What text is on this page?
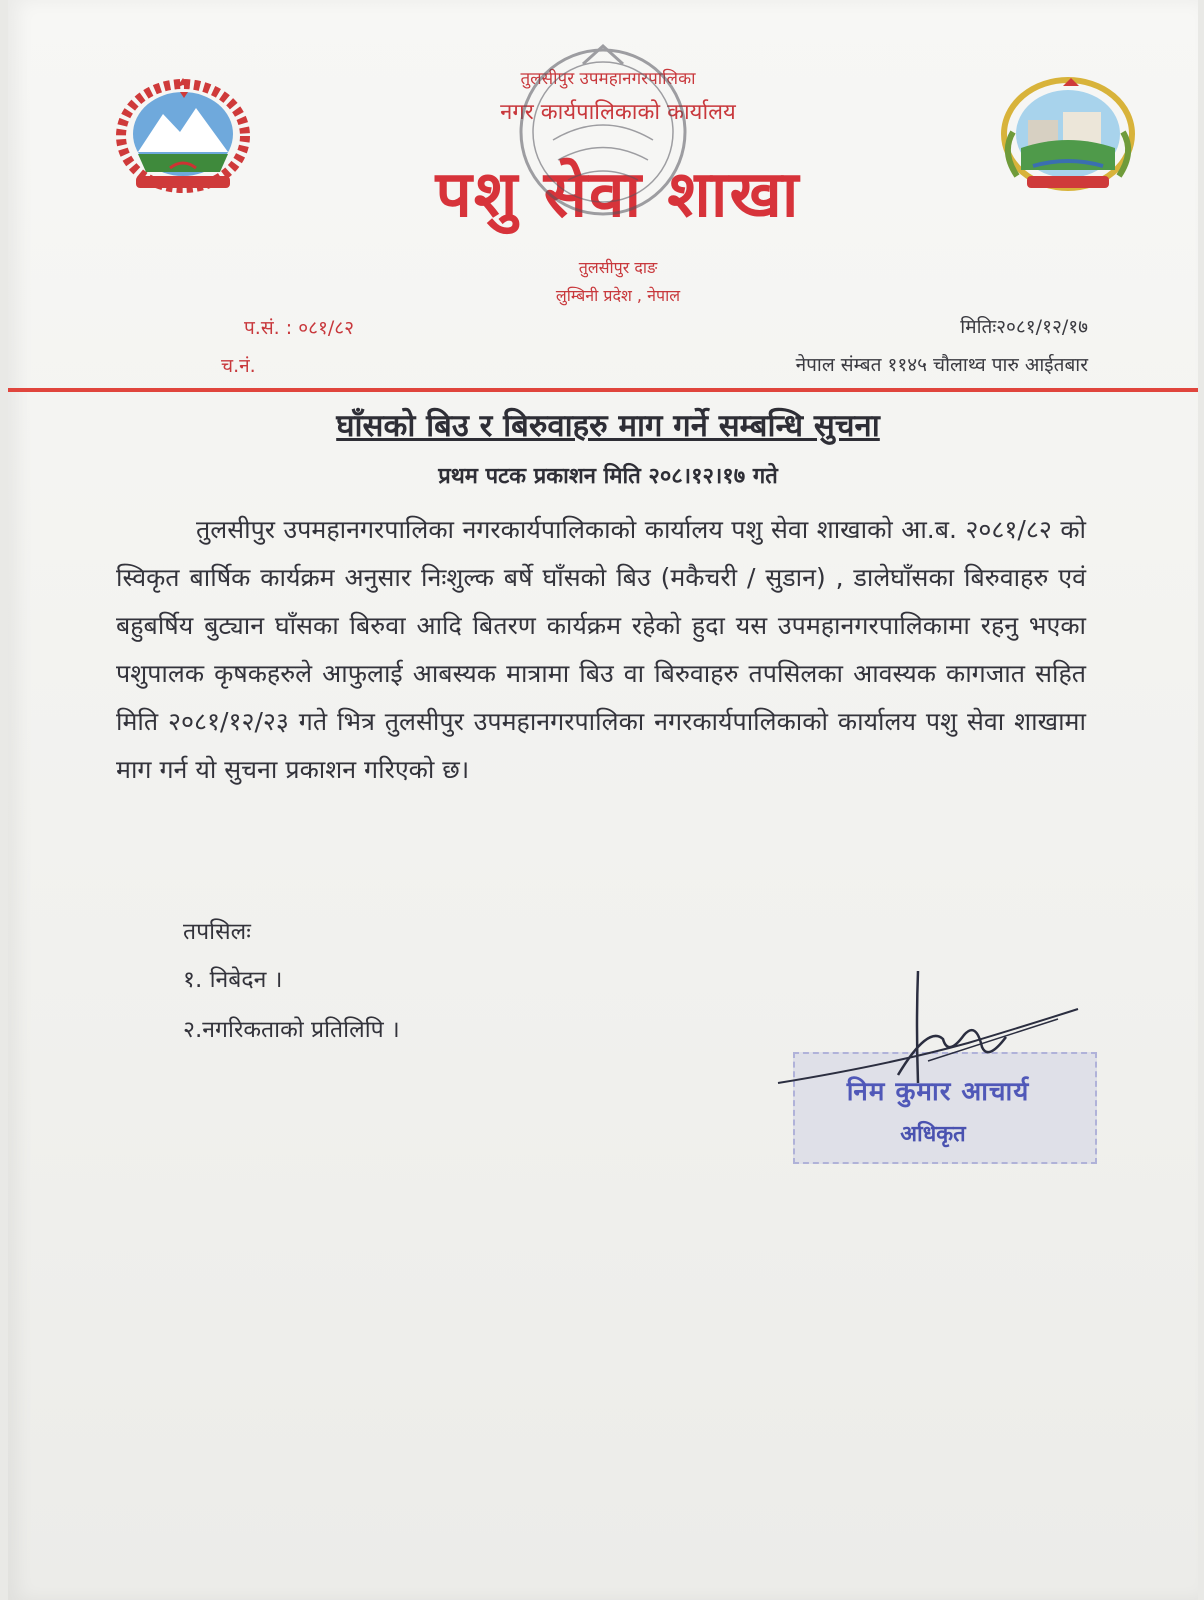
तुलसीपुर उपमहानगरपालिका
नगर कार्यपालिकाको कार्यालय
पशु सेवा शाखा
तुलसीपुर दाङ
लुम्बिनी प्रदेश , नेपाल
प.सं. : ०८१/८२
च.नं.
मितिः२०८१/१२/१७
नेपाल संम्बत ११४५ चौलाथ्व पारु आईतबार
घाँसको बिउ र बिरुवाहरु माग गर्ने सम्बन्धि सुचना
प्रथम पटक प्रकाशन मिति २०८।१२।१७ गते
तुलसीपुर उपमहानगरपालिका नगरकार्यपालिकाको कार्यालय पशु सेवा शाखाको आ.ब. २०८१/८२ को स्विकृत बार्षिक कार्यक्रम अनुसार निःशुल्क बर्षे घाँसको बिउ (मकैचरी / सुडान) , डालेघाँसका बिरुवाहरु एवं बहुबर्षिय बुट्यान घाँसका बिरुवा आदि बितरण कार्यक्रम रहेको हुदा यस उपमहानगरपालिकामा रहनु भएका पशुपालक कृषकहरुले आफुलाई आबस्यक मात्रामा बिउ वा बिरुवाहरु तपसिलका आवस्यक कागजात सहित मिति २०८१/१२/२३ गते भित्र तुलसीपुर उपमहानगरपालिका नगरकार्यपालिकाको कार्यालय पशु सेवा शाखामा माग गर्न यो सुचना प्रकाशन गरिएको छ।
तपसिलः
१. निबेदन ।
२.नगरिकताको प्रतिलिपि ।
निम कुमार आचार्य
अधिकृत
